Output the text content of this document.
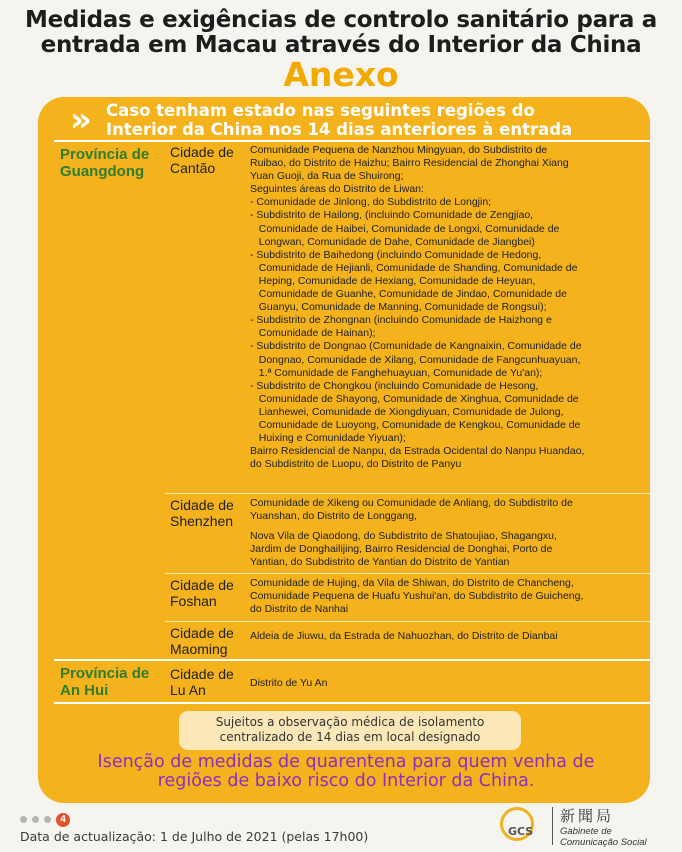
Medidas e exigências de controlo sanitário para a
entrada em Macau através do Interior da China
Anexo
» Caso tenham estado nas seguintes regiões do
Interior da China nos 14 dias anteriores à entrada
Província de
Guangdong
Cidade de
Cantão
Comunidade Pequena de Nanzhou Mingyuan, do Subdistrito de
Ruibao, do Distrito de Haizhu; Bairro Residencial de Zhonghai Xiang
Yuan Guoji, da Rua de Shuirong;
Seguintes áreas do Distrito de Liwan:
- Comunidade de Jinlong, do Subdistrito de Longjin;
- Subdistrito de Hailong, (incluindo Comunidade de Zengjiao,
Comunidade de Haibei, Comunidade de Longxi, Comunidade de
Longwan, Comunidade de Dahe, Comunidade de Jiangbei)
- Subdistrito de Baihedong (incluindo Comunidade de Hedong,
Comunidade de Hejianli, Comunidade de Shanding, Comunidade de
Heping, Comunidade de Hexiang, Comunidade de Heyuan,
Comunidade de Guanhe, Comunidade de Jindao, Comunidade de
Guanyu, Comunidade de Manning, Comunidade de Rongsui);
- Subdistrito de Zhongnan (incluindo Comunidade de Haizhong e
Comunidade de Hainan);
- Subdistrito de Dongnao (Comunidade de Kangnaixin, Comunidade de
Dongnao, Comunidade de Xilang, Comunidade de Fangcunhuayuan,
1.ª Comunidade de Fanghehuayuan, Comunidade de Yu'an);
- Subdistrito de Chongkou (incluindo Comunidade de Hesong,
Comunidade de Shayong, Comunidade de Xinghua, Comunidade de
Lianhewei, Comunidade de Xiongdiyuan, Comunidade de Julong,
Comunidade de Luoyong, Comunidade de Kengkou, Comunidade de
Huixing e Comunidade Yiyuan);
Bairro Residencial de Nanpu, da Estrada Ocidental do Nanpu Huandao,
do Subdistrito de Luopu, do Distrito de Panyu
Cidade de
Shenzhen
Comunidade de Xikeng ou Comunidade de Anliang, do Subdistrito de
Yuanshan, do Distrito de Longgang,
Nova Vila de Qiaodong, do Subdistrito de Shatoujiao, Shagangxu,
Jardim de Donghailijing, Bairro Residencial de Donghai, Porto de
Yantian, do Subdistrito de Yantian do Distrito de Yantian
Cidade de
Foshan
Comunidade de Hujing, da Vila de Shiwan, do Distrito de Chancheng,
Comunidade Pequena de Huafu Yushui'an, do Subdistrito de Guicheng,
do Distrito de Nanhai
Cidade de
Maoming
Aldeia de Jiuwu, da Estrada de Nahuozhan, do Distrito de Dianbai
Província de
An Hui
Cidade de
Lu An	Distrito de Yu An
Sujeitos a observação médica de isolamento
centralizado de 14 dias em local designado
Isenção de medidas de quarentena para quem venha de
regiões de baixo risco do Interior da China.
4
Data de actualização: 1 de Julho de 2021 (pelas 17h00)	GCS
新聞局
Gabinete de
Comunicação Social
